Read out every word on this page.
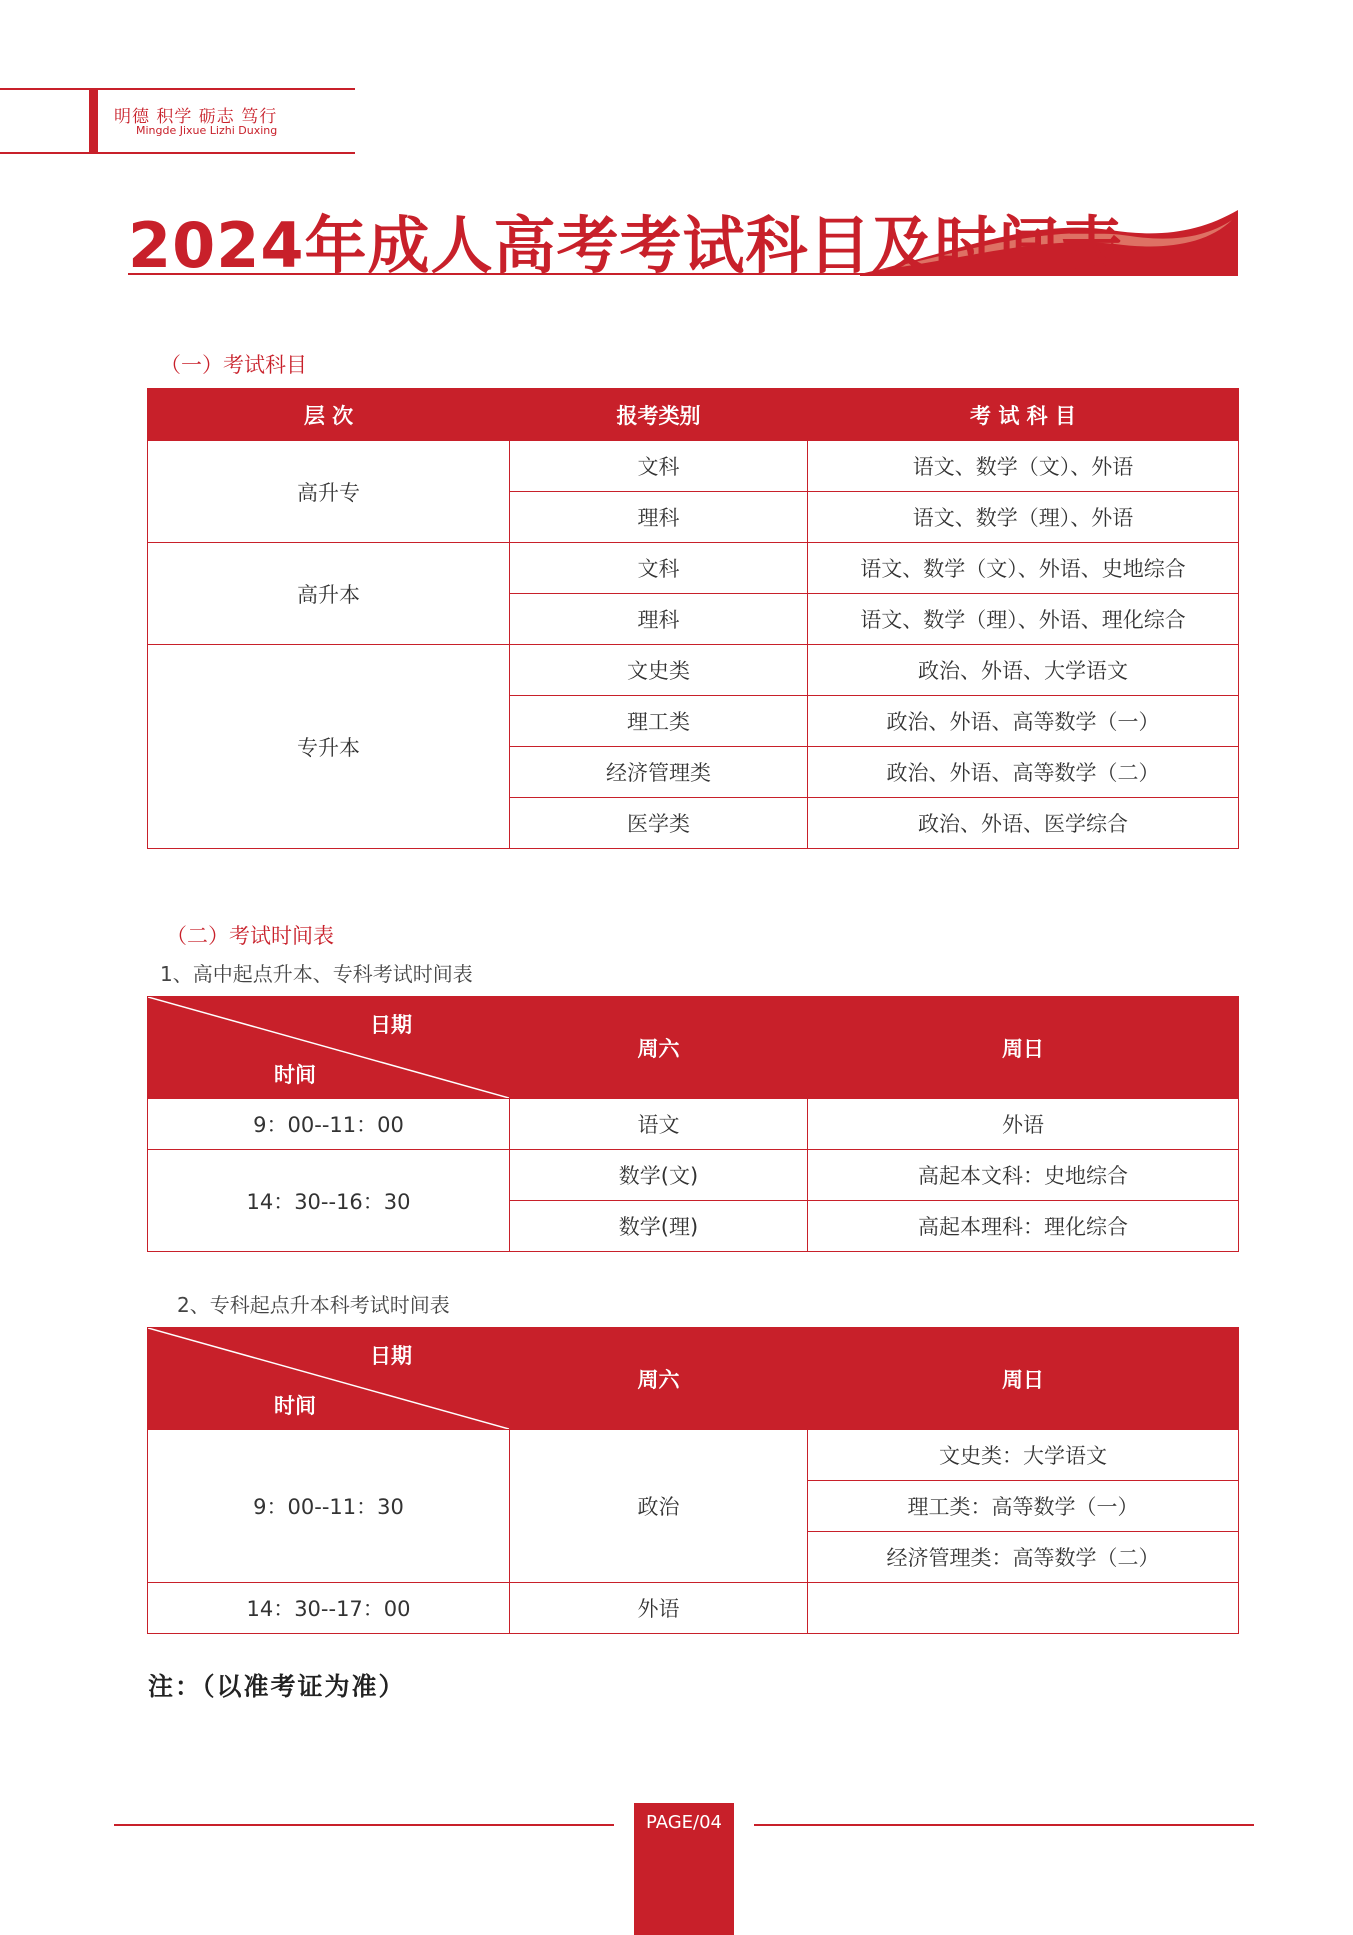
明德 积学 砺志 笃行
Mingde Jixue Lizhi Duxing
2024年成人高考考试科目及时间表
（一）考试科目
层 次	报考类别	考 试 科 目
高升专	文科	语文、数学（文）、外语
	理科	语文、数学（理）、外语
高升本	文科	语文、数学（文）、外语、史地综合
	理科	语文、数学（理）、外语、理化综合
专升本	文史类	政治、外语、大学语文
	理工类	政治、外语、高等数学（一）
	经济管理类	政治、外语、高等数学（二）
	医学类	政治、外语、医学综合
（二）考试时间表
1、高中起点升本、专科考试时间表
日期
时间	周六	周日
9：00--11：00	语文	外语
14：30--16：30	数学(文)	高起本文科：史地综合
	数学(理)	高起本理科：理化综合
2、专科起点升本科考试时间表
日期
时间	周六	周日
9：00--11：30	政治	文史类：大学语文
		理工类：高等数学（一）
		经济管理类：高等数学（二）
14：30--17：00	外语	
注：（以准考证为准）
PAGE/04
